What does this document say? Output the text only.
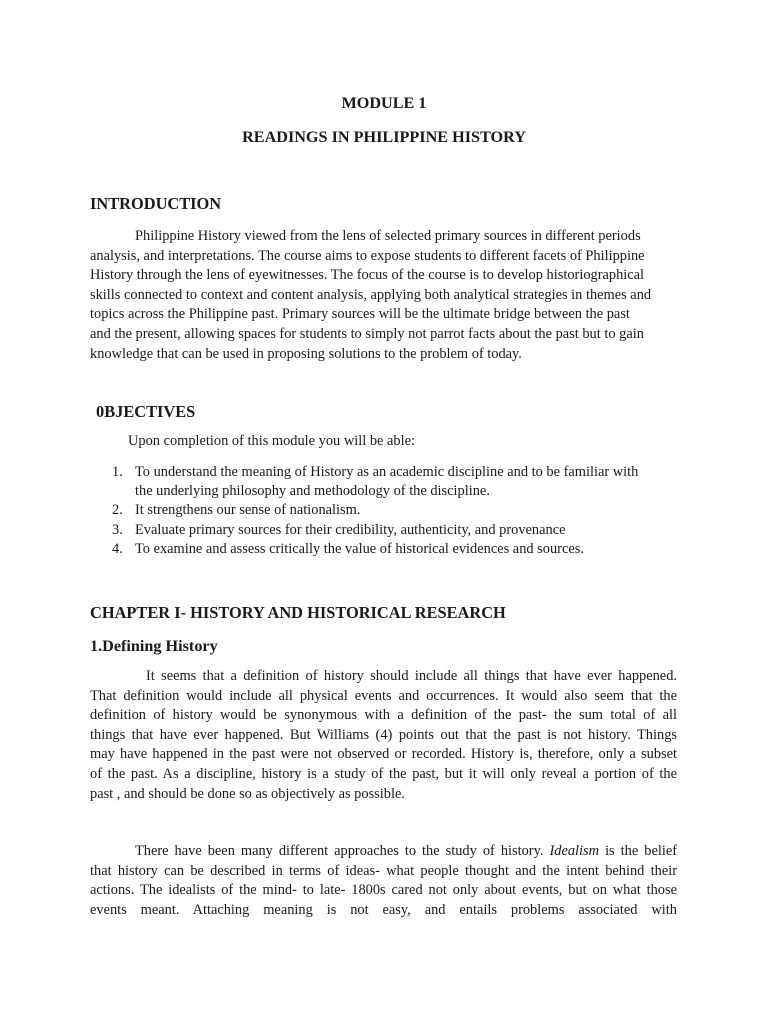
MODULE 1
READINGS IN PHILIPPINE HISTORY
INTRODUCTION
Philippine History viewed from the lens of selected primary sources in different periods
analysis, and interpretations. The course aims to expose students to different facets of Philippine
History through the lens of eyewitnesses. The focus of the course is to develop historiographical
skills connected to context and content analysis, applying both analytical strategies in themes and
topics across the Philippine past. Primary sources will be the ultimate bridge between the past
and the present, allowing spaces for students to simply not parrot facts about the past but to gain
knowledge that can be used in proposing solutions to the problem of today.
0BJECTIVES

Upon completion of this module you will be able:

1. To understand the meaning of History as an academic discipline and to be familiar with
the underlying philosophy and methodology of the discipline.
2. It strengthens our sense of nationalism.
3. Evaluate primary sources for their credibility, authenticity, and provenance
4. To examine and assess critically the value of historical evidences and sources.
CHAPTER I- HISTORY AND HISTORICAL RESEARCH
1.Defining History
It seems that a definition of history should include all things that have ever happened.
That definition would include all physical events and occurrences. It would also seem that the
definition of history would be synonymous with a definition of the past- the sum total of all
things that have ever happened. But Williams (4) points out that the past is not history. Things
may have happened in the past were not observed or recorded. History is, therefore, only a subset
of the past. As a discipline, history is a study of the past, but it will only reveal a portion of the
past , and should be done so as objectively as possible.
There have been many different approaches to the study of history. Idealism is the belief
that history can be described in terms of ideas- what people thought and the intent behind their
actions. The idealists of the mind- to late- 1800s cared not only about events, but on what those
events meant. Attaching meaning is not easy, and entails problems associated with
